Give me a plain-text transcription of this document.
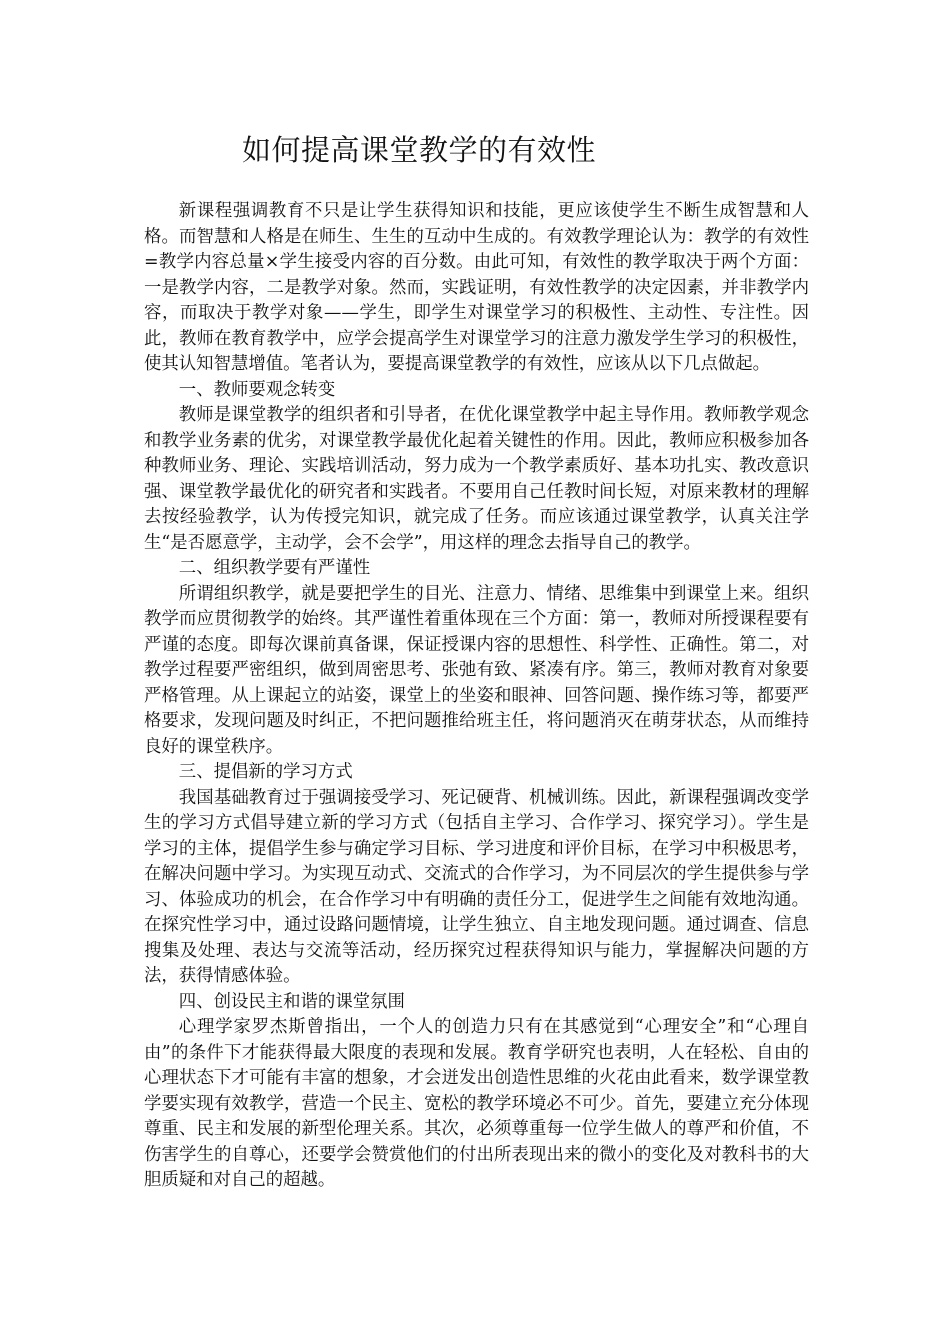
如何提高课堂教学的有效性

新课程强调教育不只是让学生获得知识和技能，更应该使学生不断生成智慧和人格。而智慧和人格是在师生、生生的互动中生成的。有效教学理论认为：教学的有效性=教学内容总量×学生接受内容的百分数。由此可知，有效性的教学取决于两个方面：一是教学内容，二是教学对象。然而，实践证明，有效性教学的决定因素，并非教学内容，而取决于教学对象——学生，即学生对课堂学习的积极性、主动性、专注性。因此，教师在教育教学中，应学会提高学生对课堂学习的注意力激发学生学习的积极性，使其认知智慧增值。笔者认为，要提高课堂教学的有效性，应该从以下几点做起。

一、教师要观念转变

教师是课堂教学的组织者和引导者，在优化课堂教学中起主导作用。教师教学观念和教学业务素的优劣，对课堂教学最优化起着关键性的作用。因此，教师应积极参加各种教师业务、理论、实践培训活动，努力成为一个教学素质好、基本功扎实、教改意识强、课堂教学最优化的研究者和实践者。不要用自己任教时间长短，对原来教材的理解去按经验教学，认为传授完知识，就完成了任务。而应该通过课堂教学，认真关注学生“是否愿意学，主动学，会不会学”，用这样的理念去指导自己的教学。

二、组织教学要有严谨性

所谓组织教学，就是要把学生的目光、注意力、情绪、思维集中到课堂上来。组织教学而应贯彻教学的始终。其严谨性着重体现在三个方面：第一，教师对所授课程要有严谨的态度。即每次课前真备课，保证授课内容的思想性、科学性、正确性。第二，对教学过程要严密组织，做到周密思考、张弛有致、紧凑有序。第三，教师对教育对象要严格管理。从上课起立的站姿，课堂上的坐姿和眼神、回答问题、操作练习等，都要严格要求，发现问题及时纠正，不把问题推给班主任，将问题消灭在萌芽状态，从而维持良好的课堂秩序。

三、提倡新的学习方式

我国基础教育过于强调接受学习、死记硬背、机械训练。因此，新课程强调改变学生的学习方式倡导建立新的学习方式（包括自主学习、合作学习、探究学习）。学生是学习的主体，提倡学生参与确定学习目标、学习进度和评价目标，在学习中积极思考，在解决问题中学习。为实现互动式、交流式的合作学习，为不同层次的学生提供参与学习、体验成功的机会，在合作学习中有明确的责任分工，促进学生之间能有效地沟通。在探究性学习中，通过设路问题情境，让学生独立、自主地发现问题。通过调查、信息搜集及处理、表达与交流等活动，经历探究过程获得知识与能力，掌握解决问题的方法，获得情感体验。

四、创设民主和谐的课堂氛围

心理学家罗杰斯曾指出，一个人的创造力只有在其感觉到“心理安全”和“心理自由”的条件下才能获得最大限度的表现和发展。教育学研究也表明，人在轻松、自由的心理状态下才可能有丰富的想象，才会迸发出创造性思维的火花由此看来，数学课堂教学要实现有效教学，营造一个民主、宽松的教学环境必不可少。首先，要建立充分体现尊重、民主和发展的新型伦理关系。其次，必须尊重每一位学生做人的尊严和价值，不伤害学生的自尊心，还要学会赞赏他们的付出所表现出来的微小的变化及对教科书的大胆质疑和对自己的超越。
